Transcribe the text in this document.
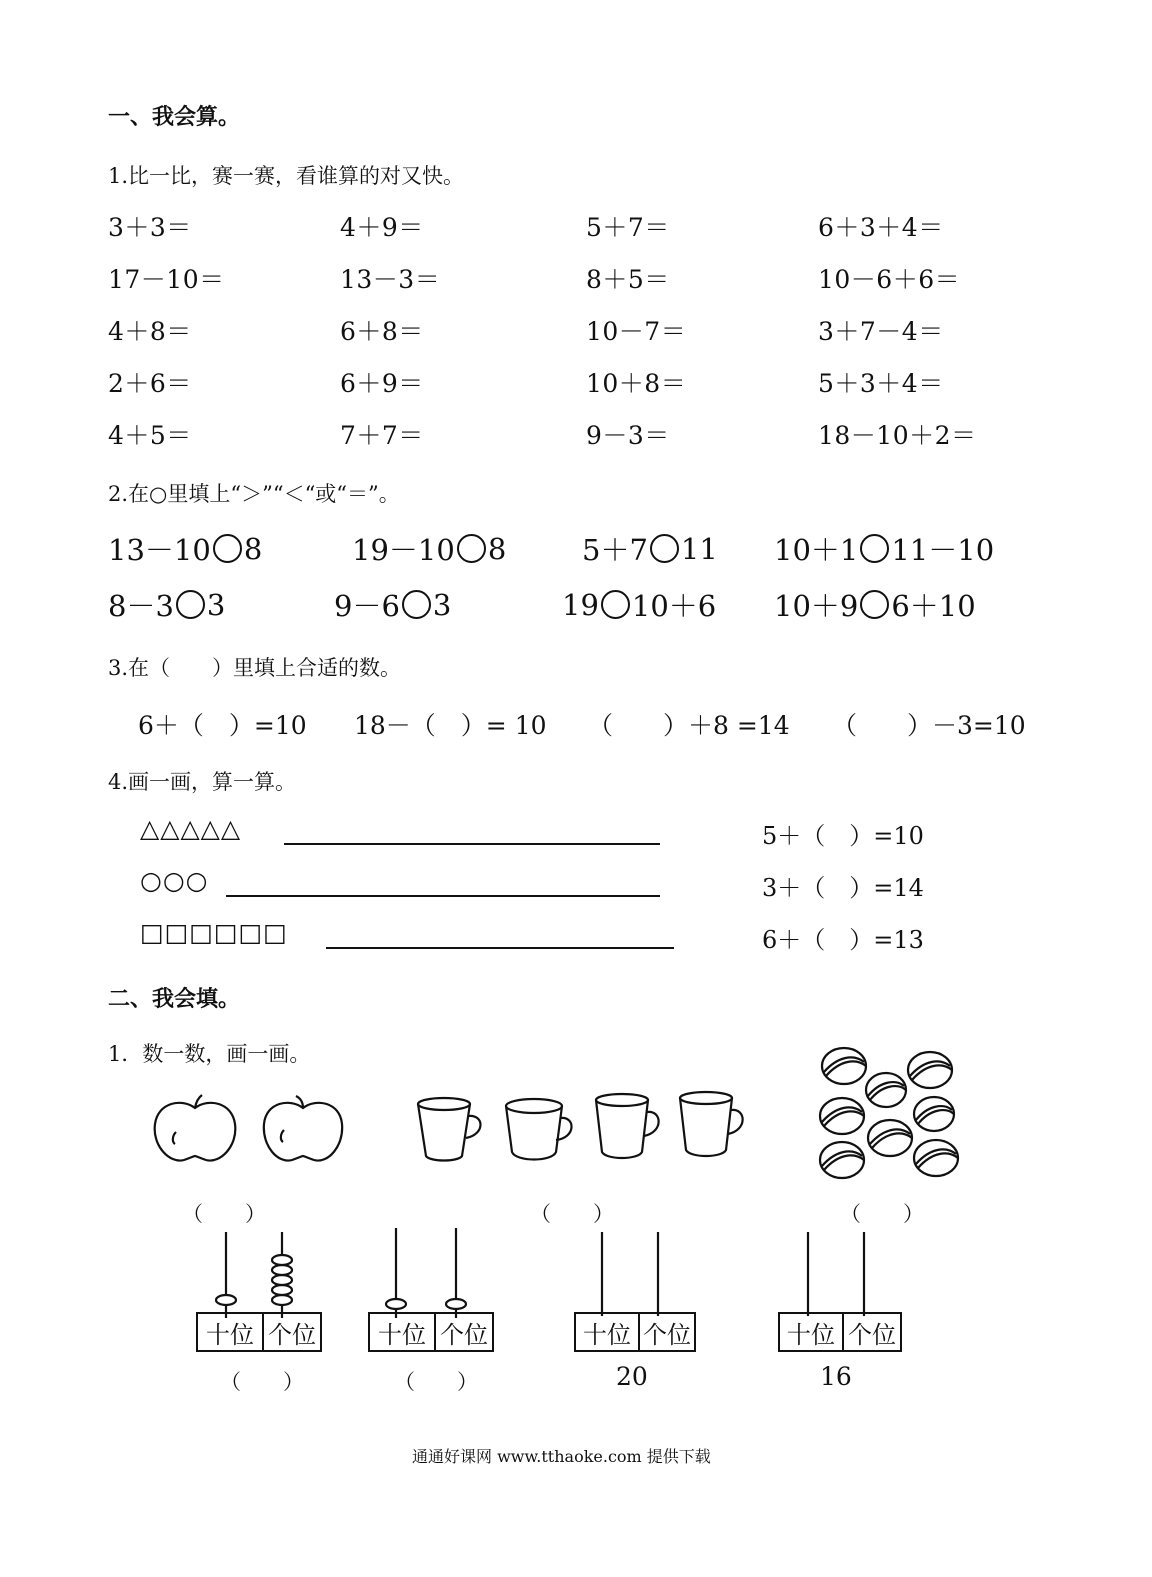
一、我会算。
1.比一比，赛一赛，看谁算的对又快。
3＋3＝	4＋9＝	5＋7＝	6＋3＋4＝
17－10＝	13－3＝	8＋5＝	10－6＋6＝
4＋8＝	6＋8＝	10－7＝	3＋7－4＝
2＋6＝	6＋9＝	10＋8＝	5＋3＋4＝
4＋5＝	7＋7＝	9－3＝	18－10＋2＝
2.在○里填上“＞”“＜“或“＝”。
13－10 8	19－10 8	5＋7 11 10＋1 11－10
8－3 3	9－6 3	19 10＋6 10＋9 6＋10
3.在（　　）里填上合适的数。
6＋（　）=10 18－（　）= 10 （　　）＋8 =14 （　　）－3=10
4.画一画，算一算。
△△△△△	5＋（　）=10
○○○	3＋（　）=14
□□□□□□	6＋（　）=13
二、我会填。
1．数一数，画一画。
（　　）	（　　）	（　　）
十位 个位
（　　）
十位 个位
（　　）
十位 个位
20
十位 个位
16
通通好课网 www.tthaoke.com 提供下载
